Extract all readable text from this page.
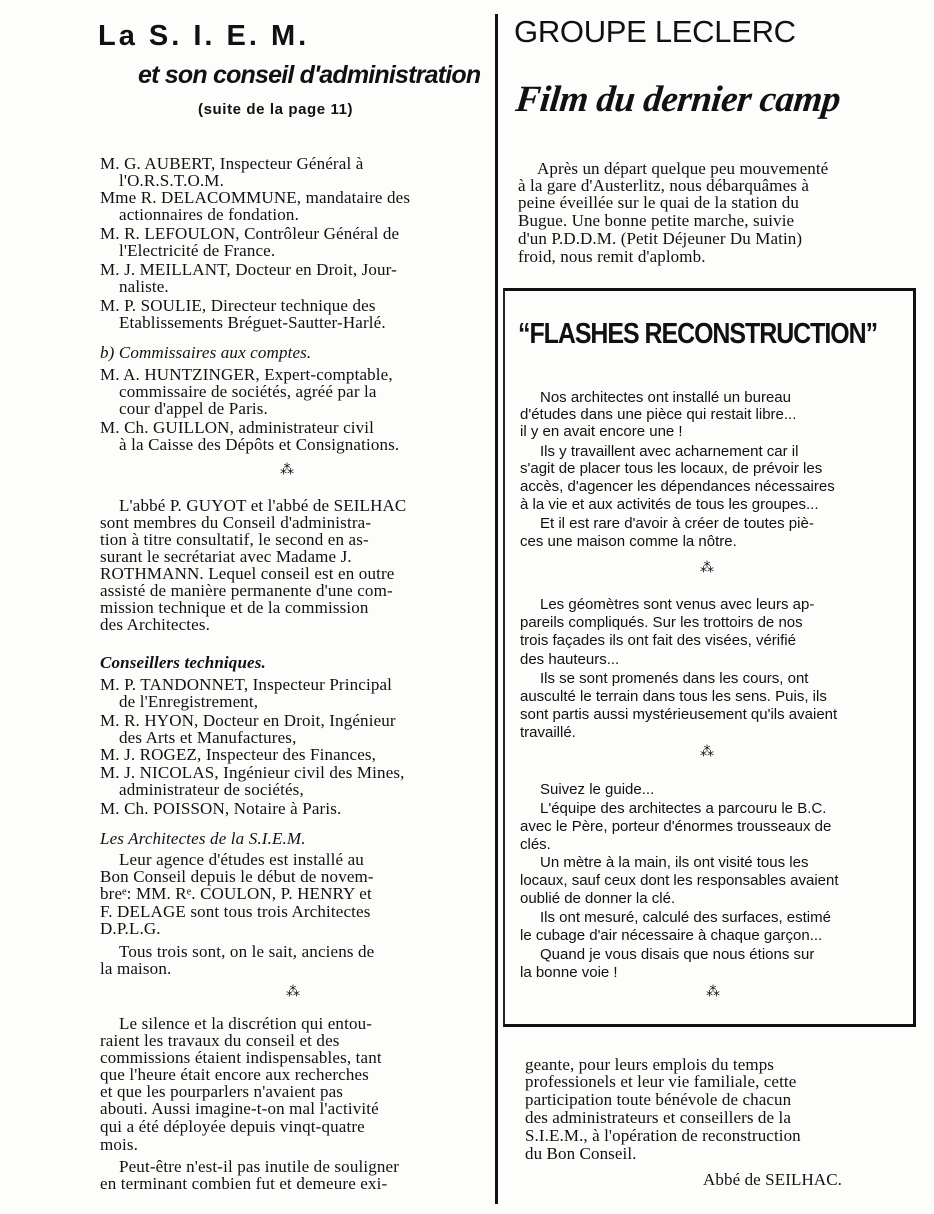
La S. I. E. M.
et son conseil d'administration
(suite de la page 11)
M. G. AUBERT, Inspecteur Général à
l'O.R.S.T.O.M.
Mme R. DELACOMMUNE, mandataire des
actionnaires de fondation.
M. R. LEFOULON, Contrôleur Général de
l'Electricité de France.
M. J. MEILLANT, Docteur en Droit, Jour-
naliste.
M. P. SOULIE, Directeur technique des
Etablissements Bréguet-Sautter-Harlé.
b) Commissaires aux comptes.
M. A. HUNTZINGER, Expert-comptable,
commissaire de sociétés, agréé par la
cour d'appel de Paris.
M. Ch. GUILLON, administrateur civil
à la Caisse des Dépôts et Consignations.
⁂
L'abbé P. GUYOT et l'abbé de SEILHAC
sont membres du Conseil d'administra-
tion à titre consultatif, le second en as-
surant le secrétariat avec Madame J.
ROTHMANN. Lequel conseil est en outre
assisté de manière permanente d'une com-
mission technique et de la commission
des Architectes.
Conseillers techniques.
M. P. TANDONNET, Inspecteur Principal
de l'Enregistrement,
M. R. HYON, Docteur en Droit, Ingénieur
des Arts et Manufactures,
M. J. ROGEZ, Inspecteur des Finances,
M. J. NICOLAS, Ingénieur civil des Mines,
administrateur de sociétés,
M. Ch. POISSON, Notaire à Paris.
Les Architectes de la S.I.E.M.
Leur agence d'études est installé au
Bon Conseil depuis le début de novem-
breᵉ: MM. Rᵉ. COULON, P. HENRY et
F. DELAGE sont tous trois Architectes
D.P.L.G.
Tous trois sont, on le sait, anciens de
la maison.
⁂
Le silence et la discrétion qui entou-
raient les travaux du conseil et des
commissions étaient indispensables, tant
que l'heure était encore aux recherches
et que les pourparlers n'avaient pas
abouti. Aussi imagine-t-on mal l'activité
qui a été déployée depuis vinqt-quatre
mois.
Peut-être n'est-il pas inutile de souligner
en terminant combien fut et demeure exi-
GROUPE LECLERC
Film du dernier camp
Après un départ quelque peu mouvementé
à la gare d'Austerlitz, nous débarquâmes à
peine éveillée sur le quai de la station du
Bugue. Une bonne petite marche, suivie
d'un P.D.D.M. (Petit Déjeuner Du Matin)
froid, nous remit d'aplomb.
“FLASHES RECONSTRUCTION”
Nos architectes ont installé un bureau
d'études dans une pièce qui restait libre...
il y en avait encore une !
Ils y travaillent avec acharnement car il
s'agit de placer tous les locaux, de prévoir les
accès, d'agencer les dépendances nécessaires
à la vie et aux activités de tous les groupes...
Et il est rare d'avoir à créer de toutes piè-
ces une maison comme la nôtre.
⁂
Les géomètres sont venus avec leurs ap-
pareils compliqués. Sur les trottoirs de nos
trois façades ils ont fait des visées, vérifié
des hauteurs...
Ils se sont promenés dans les cours, ont
ausculté le terrain dans tous les sens. Puis, ils
sont partis aussi mystérieusement qu'ils avaient
travaillé.
⁂
Suivez le guide...
L'équipe des architectes a parcouru le B.C.
avec le Père, porteur d'énormes trousseaux de
clés.
Un mètre à la main, ils ont visité tous les
locaux, sauf ceux dont les responsables avaient
oublié de donner la clé.
Ils ont mesuré, calculé des surfaces, estimé
le cubage d'air nécessaire à chaque garçon...
Quand je vous disais que nous étions sur
la bonne voie !
⁂
geante, pour leurs emplois du temps
professionels et leur vie familiale, cette
participation toute bénévole de chacun
des administrateurs et conseillers de la
S.I.E.M., à l'opération de reconstruction
du Bon Conseil.
Abbé de SEILHAC.
